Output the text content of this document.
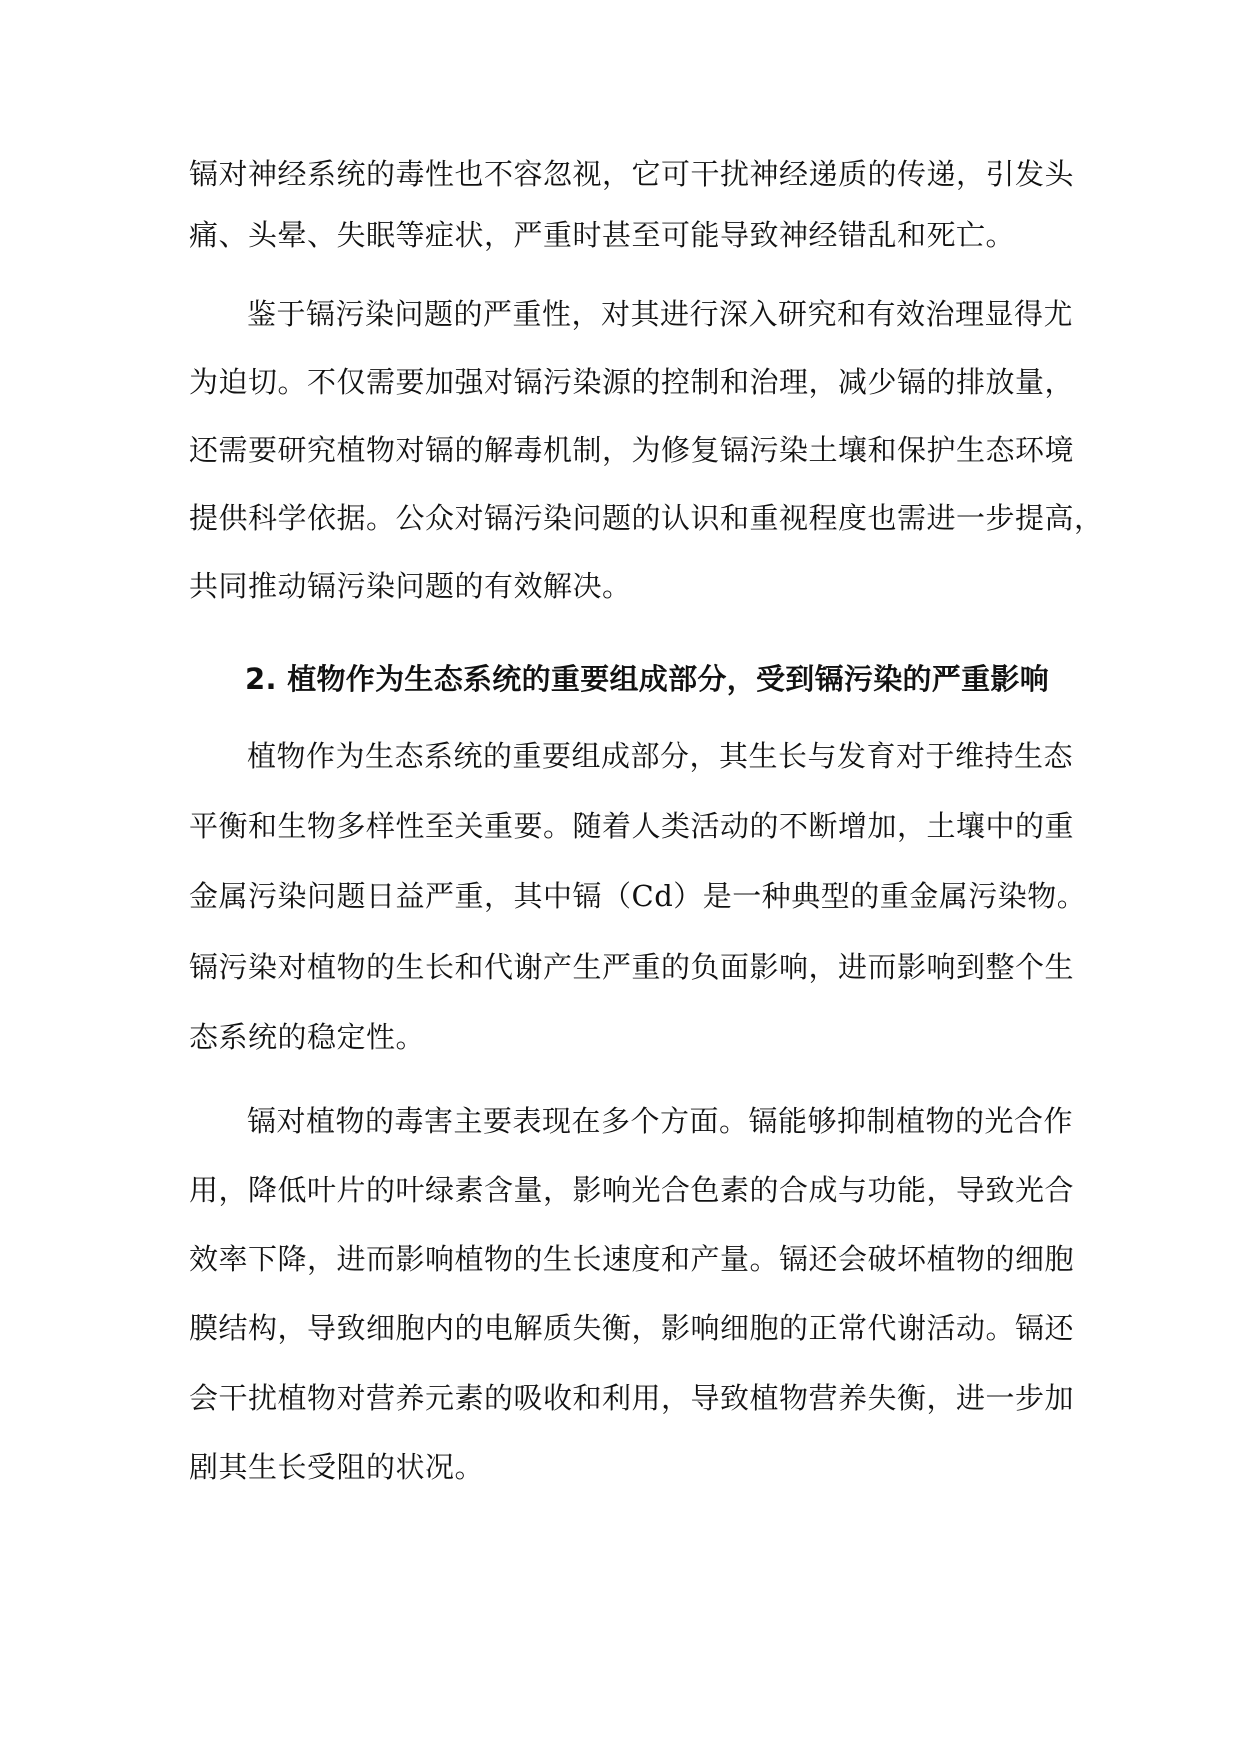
镉对神经系统的毒性也不容忽视，它可干扰神经递质的传递，引发头
痛、头晕、失眠等症状，严重时甚至可能导致神经错乱和死亡。
鉴于镉污染问题的严重性，对其进行深入研究和有效治理显得尤
为迫切。不仅需要加强对镉污染源的控制和治理，减少镉的排放量，
还需要研究植物对镉的解毒机制，为修复镉污染土壤和保护生态环境
提供科学依据。公众对镉污染问题的认识和重视程度也需进一步提高，
共同推动镉污染问题的有效解决。
2. 植物作为生态系统的重要组成部分，受到镉污染的严重影响
植物作为生态系统的重要组成部分，其生长与发育对于维持生态
平衡和生物多样性至关重要。随着人类活动的不断增加，土壤中的重
金属污染问题日益严重，其中镉（Cd）是一种典型的重金属污染物。
镉污染对植物的生长和代谢产生严重的负面影响，进而影响到整个生
态系统的稳定性。
镉对植物的毒害主要表现在多个方面。镉能够抑制植物的光合作
用，降低叶片的叶绿素含量，影响光合色素的合成与功能，导致光合
效率下降，进而影响植物的生长速度和产量。镉还会破坏植物的细胞
膜结构，导致细胞内的电解质失衡，影响细胞的正常代谢活动。镉还
会干扰植物对营养元素的吸收和利用，导致植物营养失衡，进一步加
剧其生长受阻的状况。
